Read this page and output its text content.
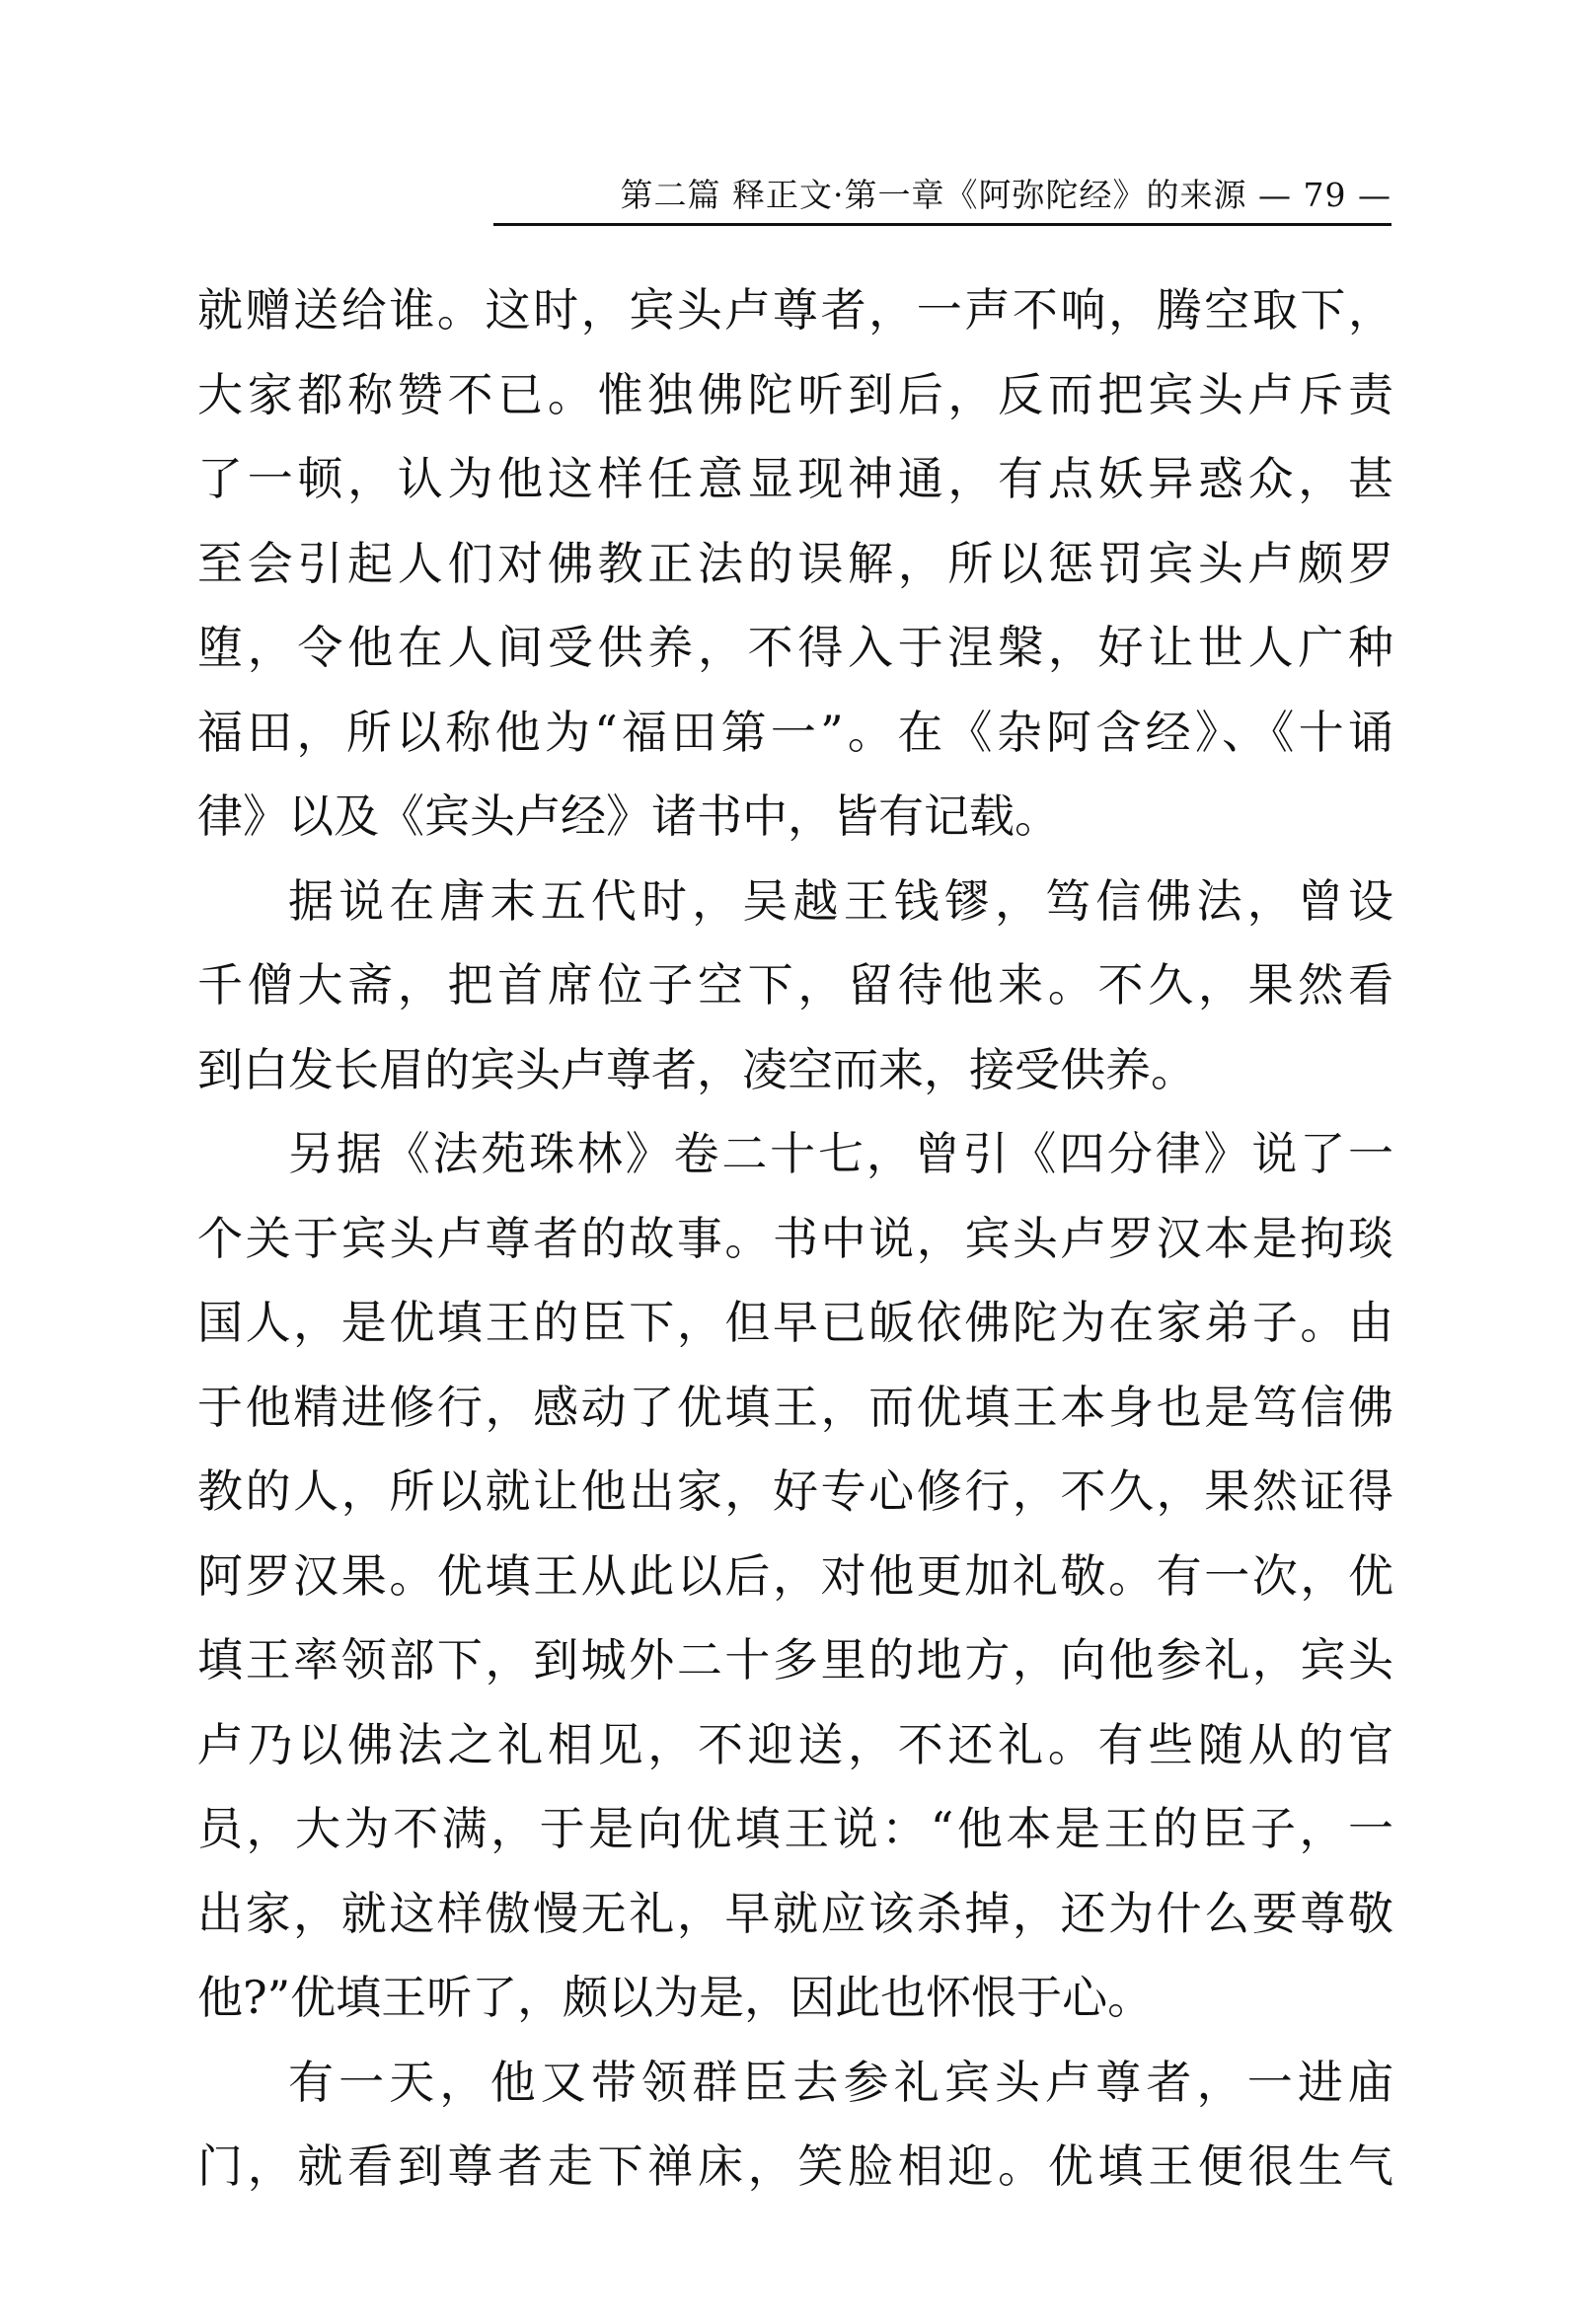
第二篇 释正文·第一章《阿弥陀经》的来源 — 79 —
就赠送给谁。这时，宾头卢尊者，一声不响，腾空取下，
大家都称赞不已。惟独佛陀听到后，反而把宾头卢斥责
了一顿，认为他这样任意显现神通，有点妖异惑众，甚
至会引起人们对佛教正法的误解，所以惩罚宾头卢颇罗
堕，令他在人间受供养，不得入于涅槃，好让世人广种
福田，所以称他为“福田第一”。在《杂阿含经》、《十诵
律》以及《宾头卢经》诸书中，皆有记载。
据说在唐末五代时，吴越王钱镠，笃信佛法，曾设
千僧大斋，把首席位子空下，留待他来。不久，果然看
到白发长眉的宾头卢尊者，凌空而来，接受供养。
另据《法苑珠林》卷二十七，曾引《四分律》说了一
个关于宾头卢尊者的故事。书中说，宾头卢罗汉本是拘琰
国人，是优填王的臣下，但早已皈依佛陀为在家弟子。由
于他精进修行，感动了优填王，而优填王本身也是笃信佛
教的人，所以就让他出家，好专心修行，不久，果然证得
阿罗汉果。优填王从此以后，对他更加礼敬。有一次，优
填王率领部下，到城外二十多里的地方，向他参礼，宾头
卢乃以佛法之礼相见，不迎送，不还礼。有些随从的官
员，大为不满，于是向优填王说：“他本是王的臣子，一
出家，就这样傲慢无礼，早就应该杀掉，还为什么要尊敬
他?”优填王听了，颇以为是，因此也怀恨于心。
有一天，他又带领群臣去参礼宾头卢尊者，一进庙
门，就看到尊者走下禅床，笑脸相迎。优填王便很生气
